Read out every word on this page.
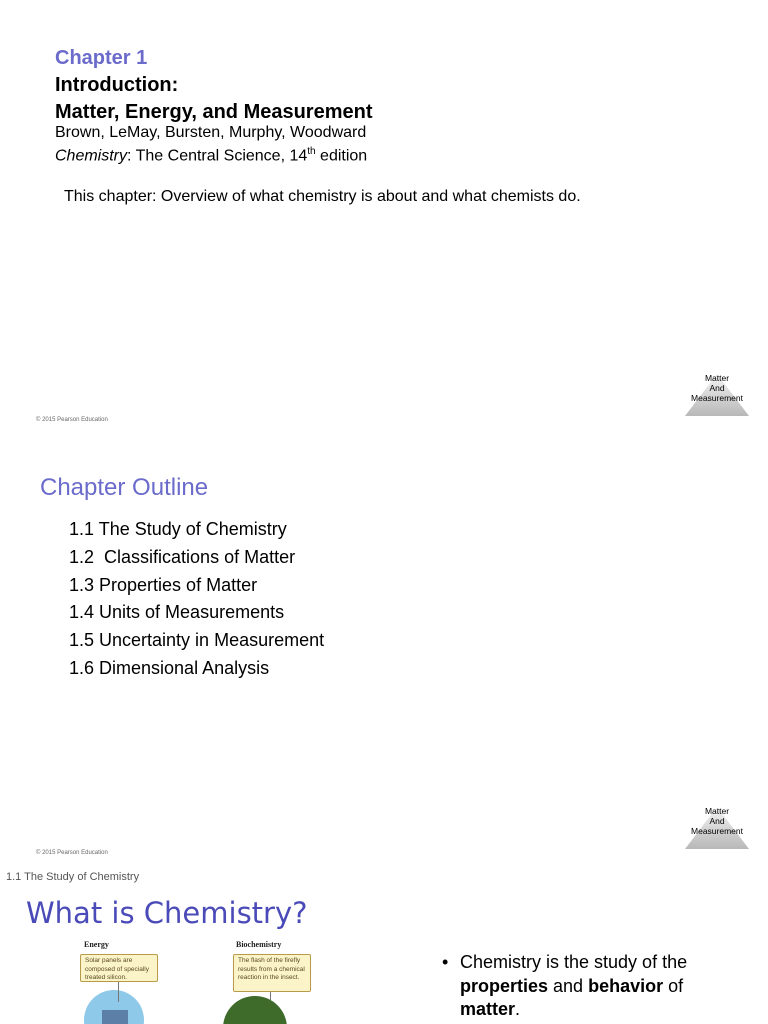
Chapter 1
Introduction:
Matter, Energy, and Measurement
Brown, LeMay, Bursten, Murphy, Woodward
Chemistry: The Central Science, 14th edition
This chapter: Overview of what chemistry is about and what chemists do.
© 2015 Pearson Education
Matter
And
Measurement
Chapter Outline
1.1 The Study of Chemistry
1.2  Classifications of Matter
1.3 Properties of Matter
1.4 Units of Measurements
1.5 Uncertainty in Measurement
1.6 Dimensional Analysis
© 2015 Pearson Education
Matter
And
Measurement
1.1 The Study of Chemistry
What is Chemistry?
Energy
Solar panels are composed of specially treated silicon.
Biochemistry
The flash of the firefly results from a chemical reaction in the insect.
• Chemistry is the study of the properties and behavior of
matter.
